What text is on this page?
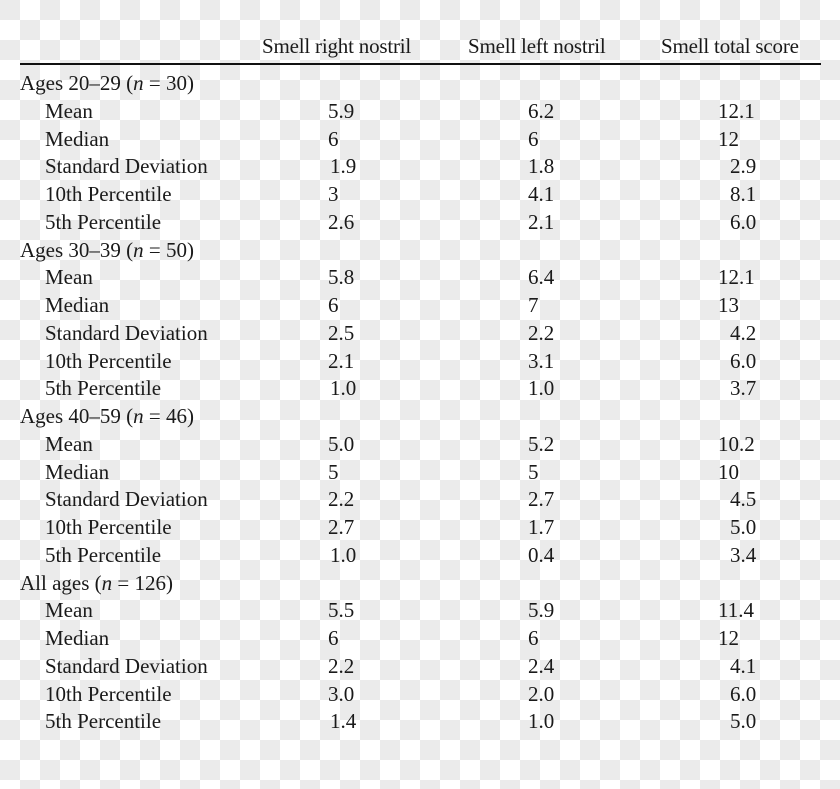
Smell right nostril	Smell left nostril	Smell total score
Ages 20–29 (n = 30)
Mean	5.9	6.2	12.1
Median	6	6	12
Standard Deviation	1.9	1.8	2.9
10th Percentile	3	4.1	8.1
5th Percentile	2.6	2.1	6.0
Ages 30–39 (n = 50)
Mean	5.8	6.4	12.1
Median	6	7	13
Standard Deviation	2.5	2.2	4.2
10th Percentile	2.1	3.1	6.0
5th Percentile	1.0	1.0	3.7
Ages 40–59 (n = 46)
Mean	5.0	5.2	10.2
Median	5	5	10
Standard Deviation	2.2	2.7	4.5
10th Percentile	2.7	1.7	5.0
5th Percentile	1.0	0.4	3.4
All ages (n = 126)
Mean	5.5	5.9	11.4
Median	6	6	12
Standard Deviation	2.2	2.4	4.1
10th Percentile	3.0	2.0	6.0
5th Percentile	1.4	1.0	5.0
